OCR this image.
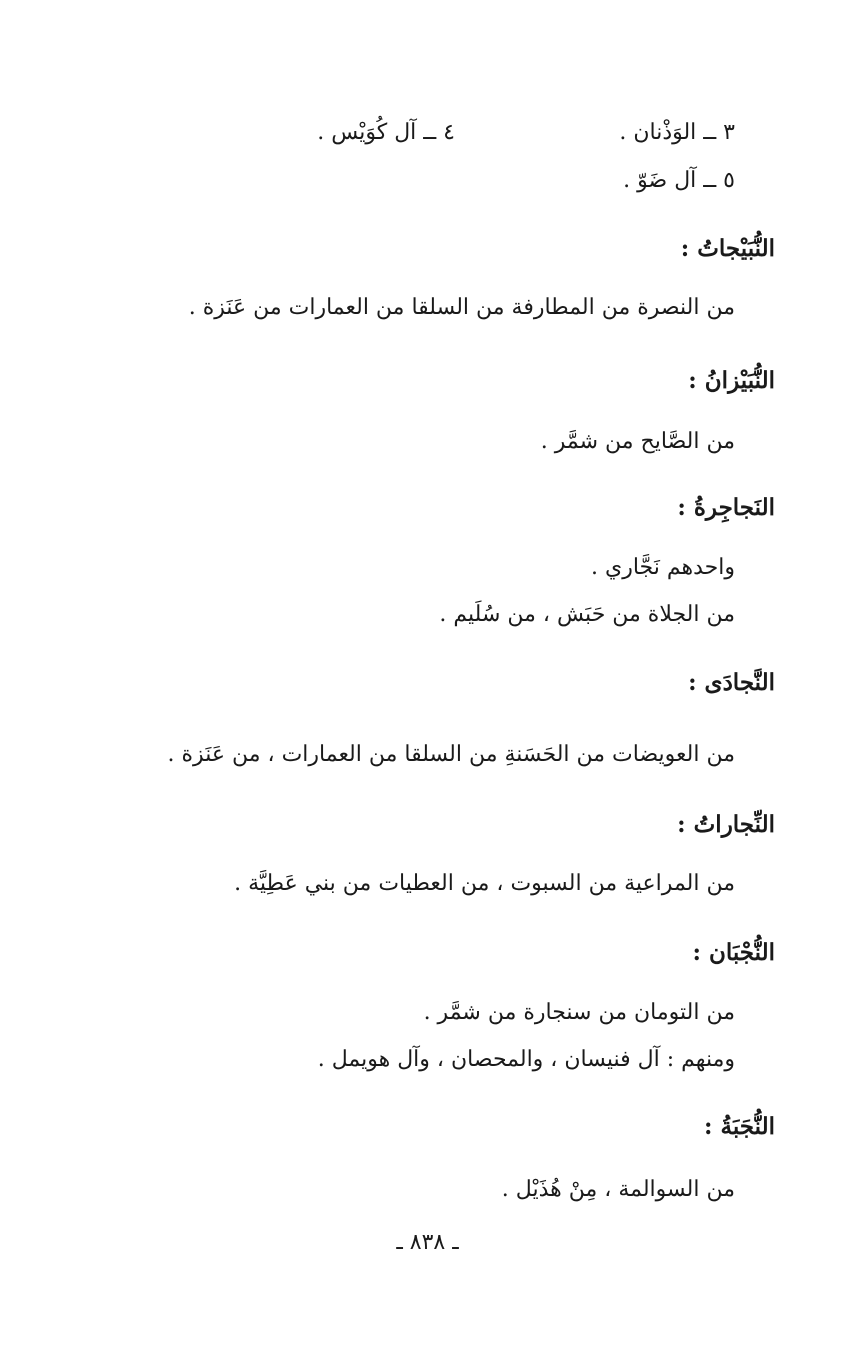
٣ ــ الوَذْنان .
٤ ــ آل كُوَيْس .
٥ ــ آل ضَوّ .
النُّبَيْجاتُ :
من النصرة من المطارفة من السلقا من العمارات من عَنَزة .
النُّبَيْزانُ :
من الصَّايح من شمَّر .
النَجاجِرةُ :
واحدهم نَجَّاري .
من الجلاة من حَبَش ، من سُلَيم .
النَّجادَى :
من العويضات من الحَسَنةِ من السلقا من العمارات ، من عَنَزة .
النِّجاراتُ :
من المراعية من السبوت ، من العطيات من بني عَطِيَّة .
النُّجْبَان :
من التومان من سنجارة من شمَّر .
ومنهم : آل فنيسان ، والمحصان ، وآل هويمل .
النُّجَبَةُ :
من السوالمة ، مِنْ هُذَيْل .
ـ ٨٣٨ ـ
